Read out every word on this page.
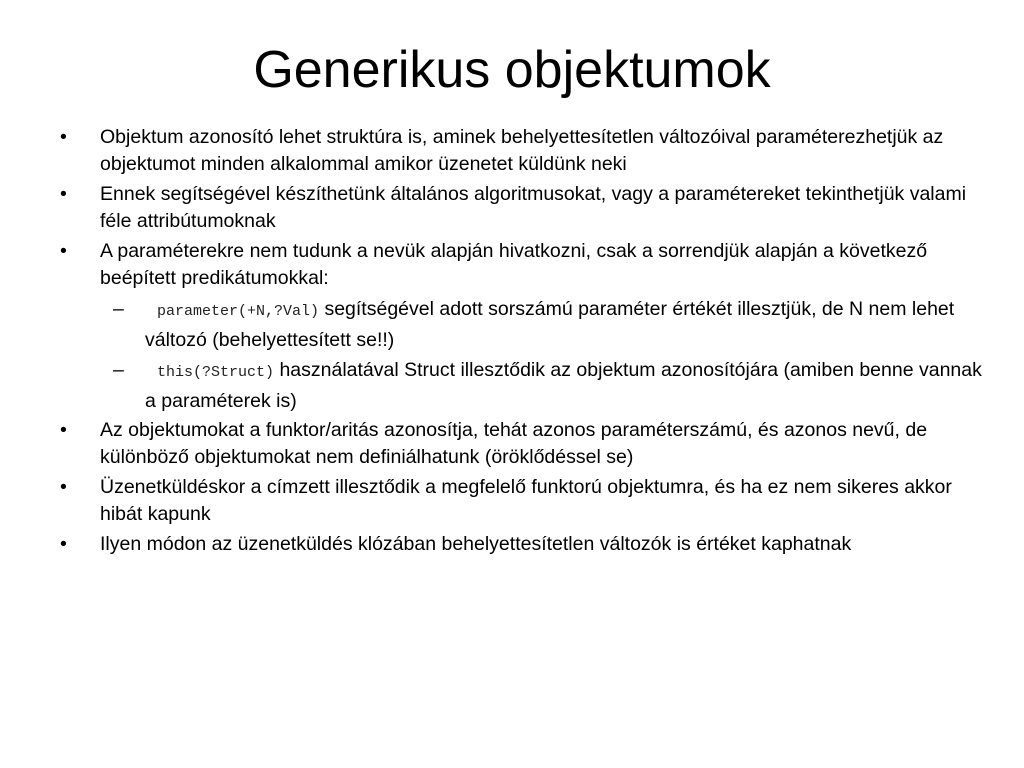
Generikus objektumok
•	Objektum azonosító lehet struktúra is, aminek behelyettesítetlen változóival paraméterezhetjük az objektumot minden alkalommal amikor üzenetet küldünk neki
•	Ennek segítségével készíthetünk általános algoritmusokat, vagy a paramétereket tekinthetjük valami féle attribútumoknak
•	A paraméterekre nem tudunk a nevük alapján hivatkozni, csak a sorrendjük alapján a következő beépített predikátumokkal:
– parameter(+N,?Val) segítségével adott sorszámú paraméter értékét illesztjük, de N nem lehet változó (behelyettesített se!!)
– this(?Struct) használatával Struct illesztődik az objektum azonosítójára (amiben benne vannak a paraméterek is)
•	Az objektumokat a funktor/aritás azonosítja, tehát azonos paraméterszámú, és azonos nevű, de különböző objektumokat nem definiálhatunk (öröklődéssel se)
•	Üzenetküldéskor a címzett illesztődik a megfelelő funktorú objektumra, és ha ez nem sikeres akkor hibát kapunk
•	Ilyen módon az üzenetküldés klózában behelyettesítetlen változók is értéket kaphatnak
